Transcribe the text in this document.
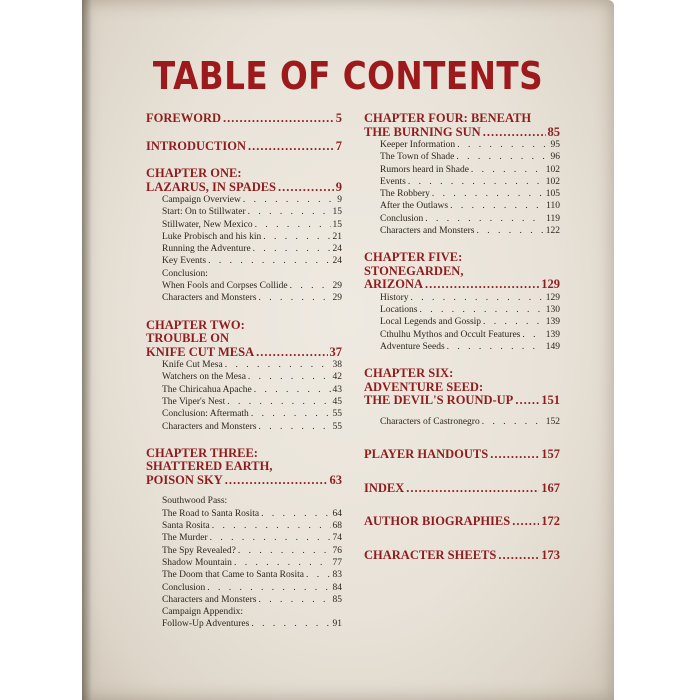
TABLE OF CONTENTS
FOREWORD .....	5
INTRODUCTION .....	7
CHAPTER ONE:
LAZARUS, IN SPADES .....	9
Campaign Overview . . .	9
Start: On to Stillwater . . .	15
Stillwater, New Mexico . . .	15
Luke Probisch and his kin . . .	21
Running the Adventure . . .	24
Key Events . . .	24
Conclusion:
When Fools and Corpses Collide . . .	29
Characters and Monsters . . .	29
CHAPTER TWO:
TROUBLE ON
KNIFE CUT MESA .....	37
Knife Cut Mesa . . .	38
Watchers on the Mesa . . .	42
The Chiricahua Apache . . .	43
The Viper's Nest . . .	45
Conclusion: Aftermath . . .	55
Characters and Monsters . . .	55
CHAPTER THREE:
SHATTERED EARTH,
POISON SKY .....	63
Southwood Pass:
The Road to Santa Rosita . . .	64
Santa Rosita . . .	68
The Murder . . .	74
The Spy Revealed? . . .	76
Shadow Mountain . . .	77
The Doom that Came to Santa Rosita . . .	83
Conclusion . . .	84
Characters and Monsters . . .	85
Campaign Appendix:
Follow-Up Adventures . . .	91
CHAPTER FOUR: BENEATH
THE BURNING SUN .....	85
Keeper Information . . .	95
The Town of Shade . . .	96
Rumors heard in Shade . . .	102
Events . . .	102
The Robbery . . .	105
After the Outlaws . . .	110
Conclusion . . .	119
Characters and Monsters . . .	122
CHAPTER FIVE: STONEGARDEN,
ARIZONA .....	129
History . . .	129
Locations . . .	130
Local Legends and Gossip . . .	139
Cthulhu Mythos and Occult Features . . .	139
Adventure Seeds . . .	149
CHAPTER SIX:
ADVENTURE SEED:
THE DEVIL'S ROUND-UP ..... 151
Characters of Castronegro . . .	152
PLAYER HANDOUTS .....	157
INDEX .....	167
AUTHOR BIOGRAPHIES ..... 172
CHARACTER SHEETS .....	173
